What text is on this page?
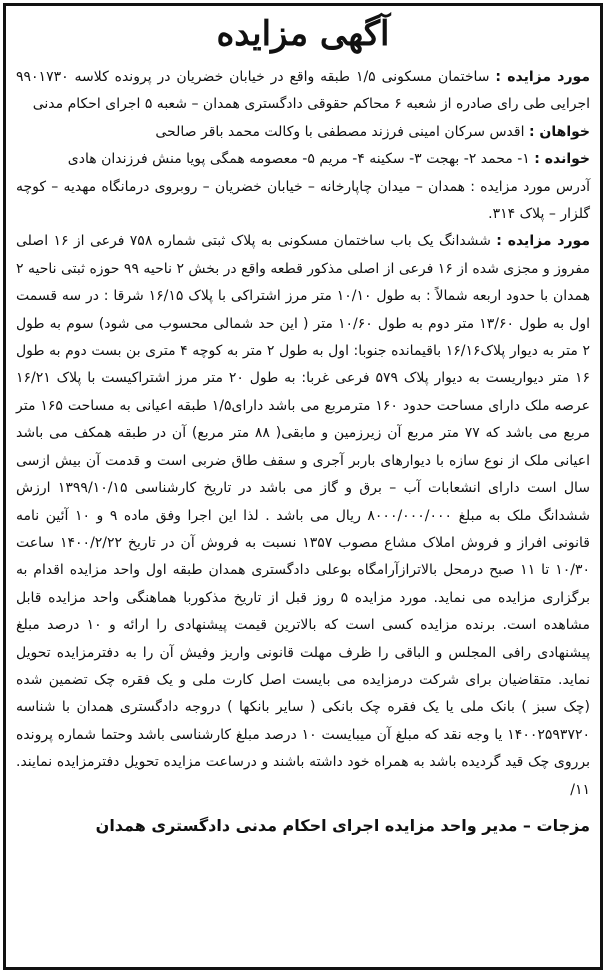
آگهی مزایده

مورد مزایده : ساختمان مسکونی ۱/۵ طبقه واقع در خیابان خضریان در پرونده کلاسه ۹۹۰۱۷۳۰ اجرایی طی رای صادره از شعبه ۶ محاکم حقوقی دادگستری همدان – شعبه ۵ اجرای احکام مدنی

خواهان : اقدس سرکان امینی فرزند مصطفی با وکالت محمد باقر صالحی

خوانده : ۱- محمد ۲- بهجت ۳- سکینه ۴- مریم ۵- معصومه همگی پویا منش فرزندان هادی

آدرس مورد مزایده : همدان – میدان چاپارخانه – خیابان خضریان – روبروی درمانگاه مهدیه – کوچه گلزار – پلاک ۳۱۴.

مورد مزایده : ششدانگ یک باب ساختمان مسکونی به پلاک ثبتی شماره ۷۵۸ فرعی از ۱۶ اصلی مفروز و مجزی شده از ۱۶ فرعی از اصلی مذکور قطعه واقع در بخش ۲ ناحیه ۹۹ حوزه ثبتی ناحیه ۲ همدان با حدود اربعه شمالاً : به طول ۱۰/۱۰ متر مرز اشتراکی با پلاک ۱۶/۱۵ شرقا : در سه قسمت اول به طول ۱۳/۶۰ متر دوم به طول ۱۰/۶۰ متر ( این حد شمالی محسوب می شود) سوم به طول ۲ متر به دیوار پلاک۱۶/۱۶ باقیمانده جنوبا: اول به طول ۲ متر به کوچه ۴ متری بن بست دوم به طول ۱۶ متر دیواریست به دیوار پلاک ۵۷۹ فرعی غربا: به طول ۲۰ متر مرز اشتراکیست با پلاک ۱۶/۲۱ عرصه ملک دارای مساحت حدود ۱۶۰ مترمربع می باشد دارای۱/۵ طبقه اعیانی به مساحت ۱۶۵ متر مربع می باشد که ۷۷ متر مربع آن زیرزمین و مابقی( ۸۸ متر مربع) آن در طبقه همکف می باشد اعیانی ملک از نوع سازه با دیوارهای باربر آجری و سقف طاق ضربی است و قدمت آن بیش ازسی سال است دارای انشعابات آب – برق و گاز می باشد در تاریخ کارشناسی ۱۳۹۹/۱۰/۱۵ ارزش ششدانگ ملک به مبلغ ۸۰۰۰/۰۰۰/۰۰۰ ریال می باشد . لذا این اجرا وفق ماده ۹ و ۱۰ آئین نامه قانونی افراز و فروش املاک مشاع مصوب ۱۳۵۷ نسبت به فروش آن در تاریخ ۱۴۰۰/۲/۲۲ ساعت ۱۰/۳۰ تا ۱۱ صبح درمحل بالاترازآرامگاه بوعلی دادگستری همدان طبقه اول واحد مزایده اقدام به برگزاری مزایده می نماید. مورد مزایده ۵ روز قبل از تاریخ مذکوربا هماهنگی واحد مزایده قابل مشاهده است. برنده مزایده کسی است که بالاترین قیمت پیشنهادی را ارائه و ۱۰ درصد مبلغ پیشنهادی رافی المجلس و الباقی را ظرف مهلت قانونی واریز وفیش آن را به دفترمزایده تحویل نماید. متقاضیان برای شرکت درمزایده می بایست اصل کارت ملی و یک فقره چک تضمین شده (چک سبز ) بانک ملی یا یک فقره چک بانکی ( سایر بانکها ) دروجه دادگستری همدان با شناسه ۱۴۰۰۲۵۹۳۷۲۰ یا وجه نقد که مبلغ آن میبایست ۱۰ درصد مبلغ کارشناسی باشد وحتما شماره پرونده برروی چک قید گردیده باشد به همراه خود داشته باشند و درساعت مزایده تحویل دفترمزایده نمایند. ۱۱/

مزجات – مدیر واحد مزایده اجرای احکام مدنی دادگستری همدان
